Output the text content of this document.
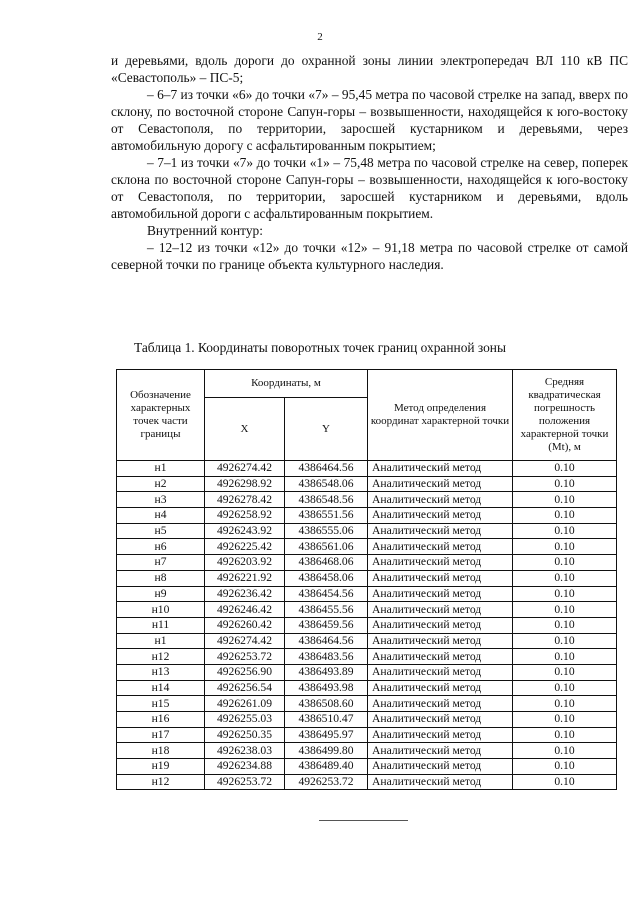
2

и деревьями, вдоль дороги до охранной зоны линии электропередач ВЛ 110 кВ ПС «Севастополь» – ПС-5;

– 6–7 из точки «6» до точки «7» – 95,45 метра по часовой стрелке на запад, вверх по склону, по восточной стороне Сапун-горы – возвышенности, находящейся к юго-востоку от Севастополя, по территории, заросшей кустарником и деревьями, через автомобильную дорогу с асфальтированным покрытием;

– 7–1 из точки «7» до точки «1» – 75,48 метра по часовой стрелке на север, поперек склона по восточной стороне Сапун-горы – возвышенности, находящейся к юго-востоку от Севастополя, по территории, заросшей кустарником и деревьями, вдоль автомобильной дороги с асфальтированным покрытием.

Внутренний контур:

– 12–12 из точки «12» до точки «12» – 91,18 метра по часовой стрелке от самой северной точки по границе объекта культурного наследия.

Таблица 1. Координаты поворотных точек границ охранной зоны
Обозначение характерных точек части границы	Координаты, м		Метод определения координат характерной точки	Средняя квадратическая погрешность положения характерной точки (Mt), м
	X	Y		
н1	4926274.42	4386464.56	Аналитический метод	0.10
н2	4926298.92	4386548.06	Аналитический метод	0.10
н3	4926278.42	4386548.56	Аналитический метод	0.10
н4	4926258.92	4386551.56	Аналитический метод	0.10
н5	4926243.92	4386555.06	Аналитический метод	0.10
н6	4926225.42	4386561.06	Аналитический метод	0.10
н7	4926203.92	4386468.06	Аналитический метод	0.10
н8	4926221.92	4386458.06	Аналитический метод	0.10
н9	4926236.42	4386454.56	Аналитический метод	0.10
н10	4926246.42	4386455.56	Аналитический метод	0.10
н11	4926260.42	4386459.56	Аналитический метод	0.10
н1	4926274.42	4386464.56	Аналитический метод	0.10
н12	4926253.72	4386483.56	Аналитический метод	0.10
н13	4926256.90	4386493.89	Аналитический метод	0.10
н14	4926256.54	4386493.98	Аналитический метод	0.10
н15	4926261.09	4386508.60	Аналитический метод	0.10
н16	4926255.03	4386510.47	Аналитический метод	0.10
н17	4926250.35	4386495.97	Аналитический метод	0.10
н18	4926238.03	4386499.80	Аналитический метод	0.10
н19	4926234.88	4386489.40	Аналитический метод	0.10
н12	4926253.72	4926253.72	Аналитический метод	0.10
